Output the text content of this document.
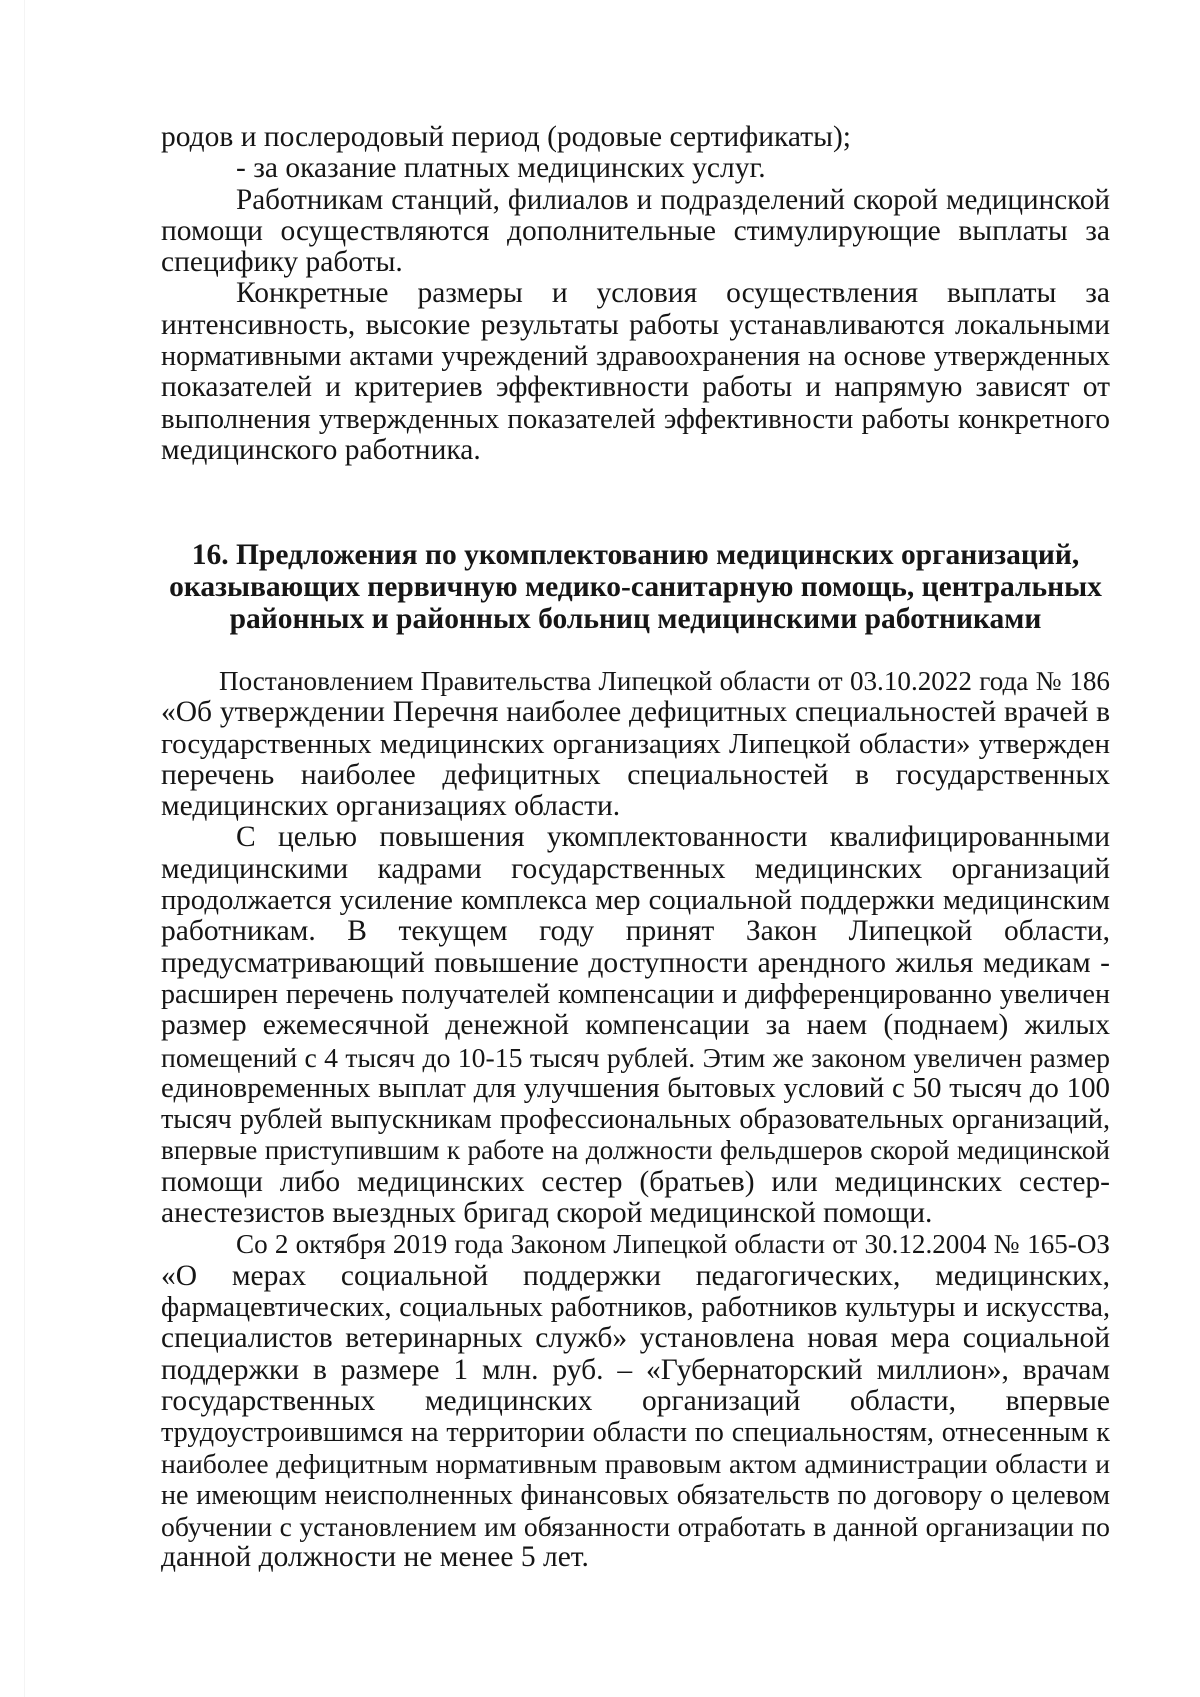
родов и послеродовый период (родовые сертификаты);
- за оказание платных медицинских услуг.
Работникам станций, филиалов и подразделений скорой медицинской
помощи осуществляются дополнительные стимулирующие выплаты за
специфику работы.
Конкретные размеры и условия осуществления выплаты за
интенсивность, высокие результаты работы устанавливаются локальными
нормативными актами учреждений здравоохранения на основе утвержденных
показателей и критериев эффективности работы и напрямую зависят от
выполнения утвержденных показателей эффективности работы конкретного
медицинского работника.
16. Предложения по укомплектованию медицинских организаций,
оказывающих первичную медико-санитарную помощь, центральных
районных и районных больниц медицинскими работниками
Постановлением Правительства Липецкой области от 03.10.2022 года № 186
«Об утверждении Перечня наиболее дефицитных специальностей врачей в
государственных медицинских организациях Липецкой области» утвержден
перечень наиболее дефицитных специальностей в государственных
медицинских организациях области.
С целью повышения укомплектованности квалифицированными
медицинскими кадрами государственных медицинских организаций
продолжается усиление комплекса мер социальной поддержки медицинским
работникам. В текущем году принят Закон Липецкой области,
предусматривающий повышение доступности арендного жилья медикам -
расширен перечень получателей компенсации и дифференцированно увеличен
размер ежемесячной денежной компенсации за наем (поднаем) жилых
помещений с 4 тысяч до 10-15 тысяч рублей. Этим же законом увеличен размер
единовременных выплат для улучшения бытовых условий с 50 тысяч до 100
тысяч рублей выпускникам профессиональных образовательных организаций,
впервые приступившим к работе на должности фельдшеров скорой медицинской
помощи либо медицинских сестер (братьев) или медицинских сестер-
анестезистов выездных бригад скорой медицинской помощи.
Со 2 октября 2019 года Законом Липецкой области от 30.12.2004 № 165-ОЗ
«О мерах социальной поддержки педагогических, медицинских,
фармацевтических, социальных работников, работников культуры и искусства,
специалистов ветеринарных служб» установлена новая мера социальной
поддержки в размере 1 млн. руб. – «Губернаторский миллион», врачам
государственных медицинских организаций области, впервые
трудоустроившимся на территории области по специальностям, отнесенным к
наиболее дефицитным нормативным правовым актом администрации области и
не имеющим неисполненных финансовых обязательств по договору о целевом
обучении с установлением им обязанности отработать в данной организации по
данной должности не менее 5 лет.
